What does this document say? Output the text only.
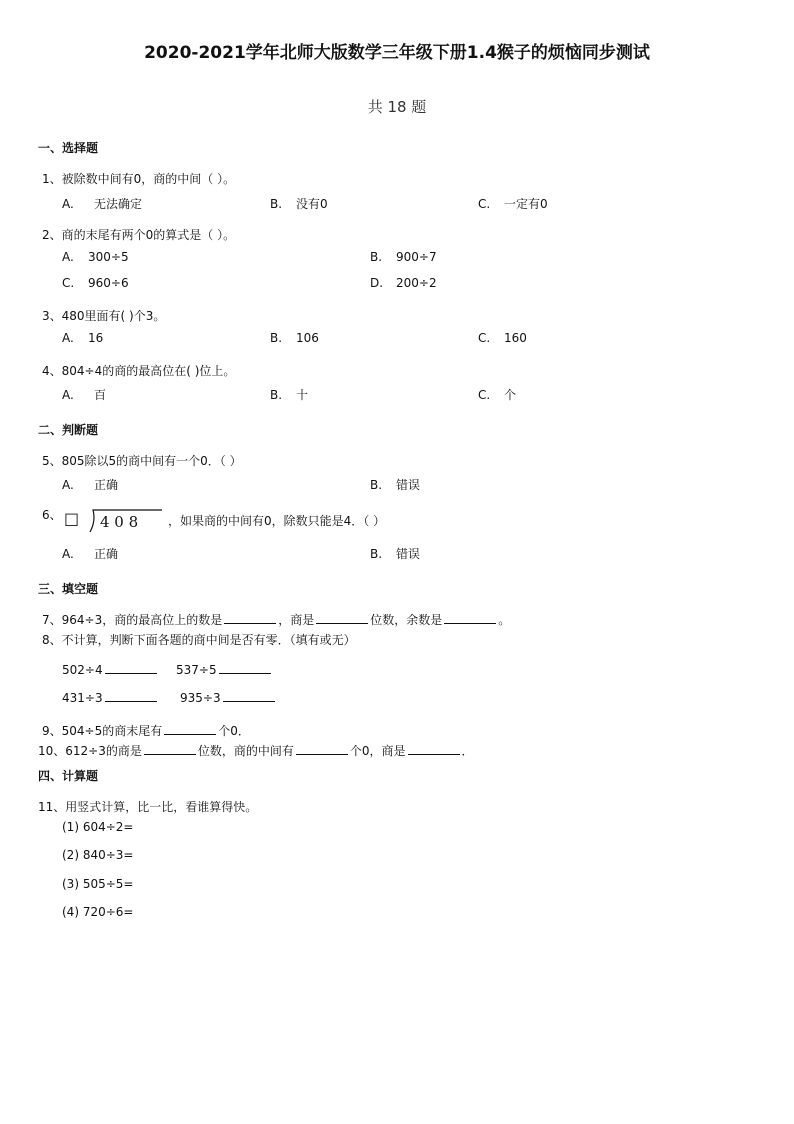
2020-2021学年北师大版数学三年级下册1.4猴子的烦恼同步测试
共 18 题
一、选择题
1、被除数中间有0，商的中间（ ）。
A. 无法确定	B. 没有0	C. 一定有0
2、商的末尾有两个0的算式是（ ）。
A. 300÷5	B. 900÷7
C. 960÷6	D. 200÷2
3、480里面有( )个3。
A. 16	B. 106	C. 160
4、804÷4的商的最高位在( )位上。
A. 百	B. 十	C. 个
二、判断题
5、805除以5的商中间有一个0．（ ）
A. 正确	B. 错误
6、 □ 4 0 8 ，如果商的中间有0，除数只能是4．（ ）
A. 正确	B. 错误
三、填空题
7、964÷3，商的最高位上的数是	，商是	位数，余数是	。
8、不计算，判断下面各题的商中间是否有零．（填有或无）
502÷4	537÷5
431÷3	935÷3
9、504÷5的商末尾有	个0．
10、612÷3的商是	位数，商的中间有	个0，商是	．
四、计算题
11、用竖式计算，比一比，看谁算得快。
(1) 604÷2=
(2) 840÷3=
(3) 505÷5=
(4) 720÷6=
